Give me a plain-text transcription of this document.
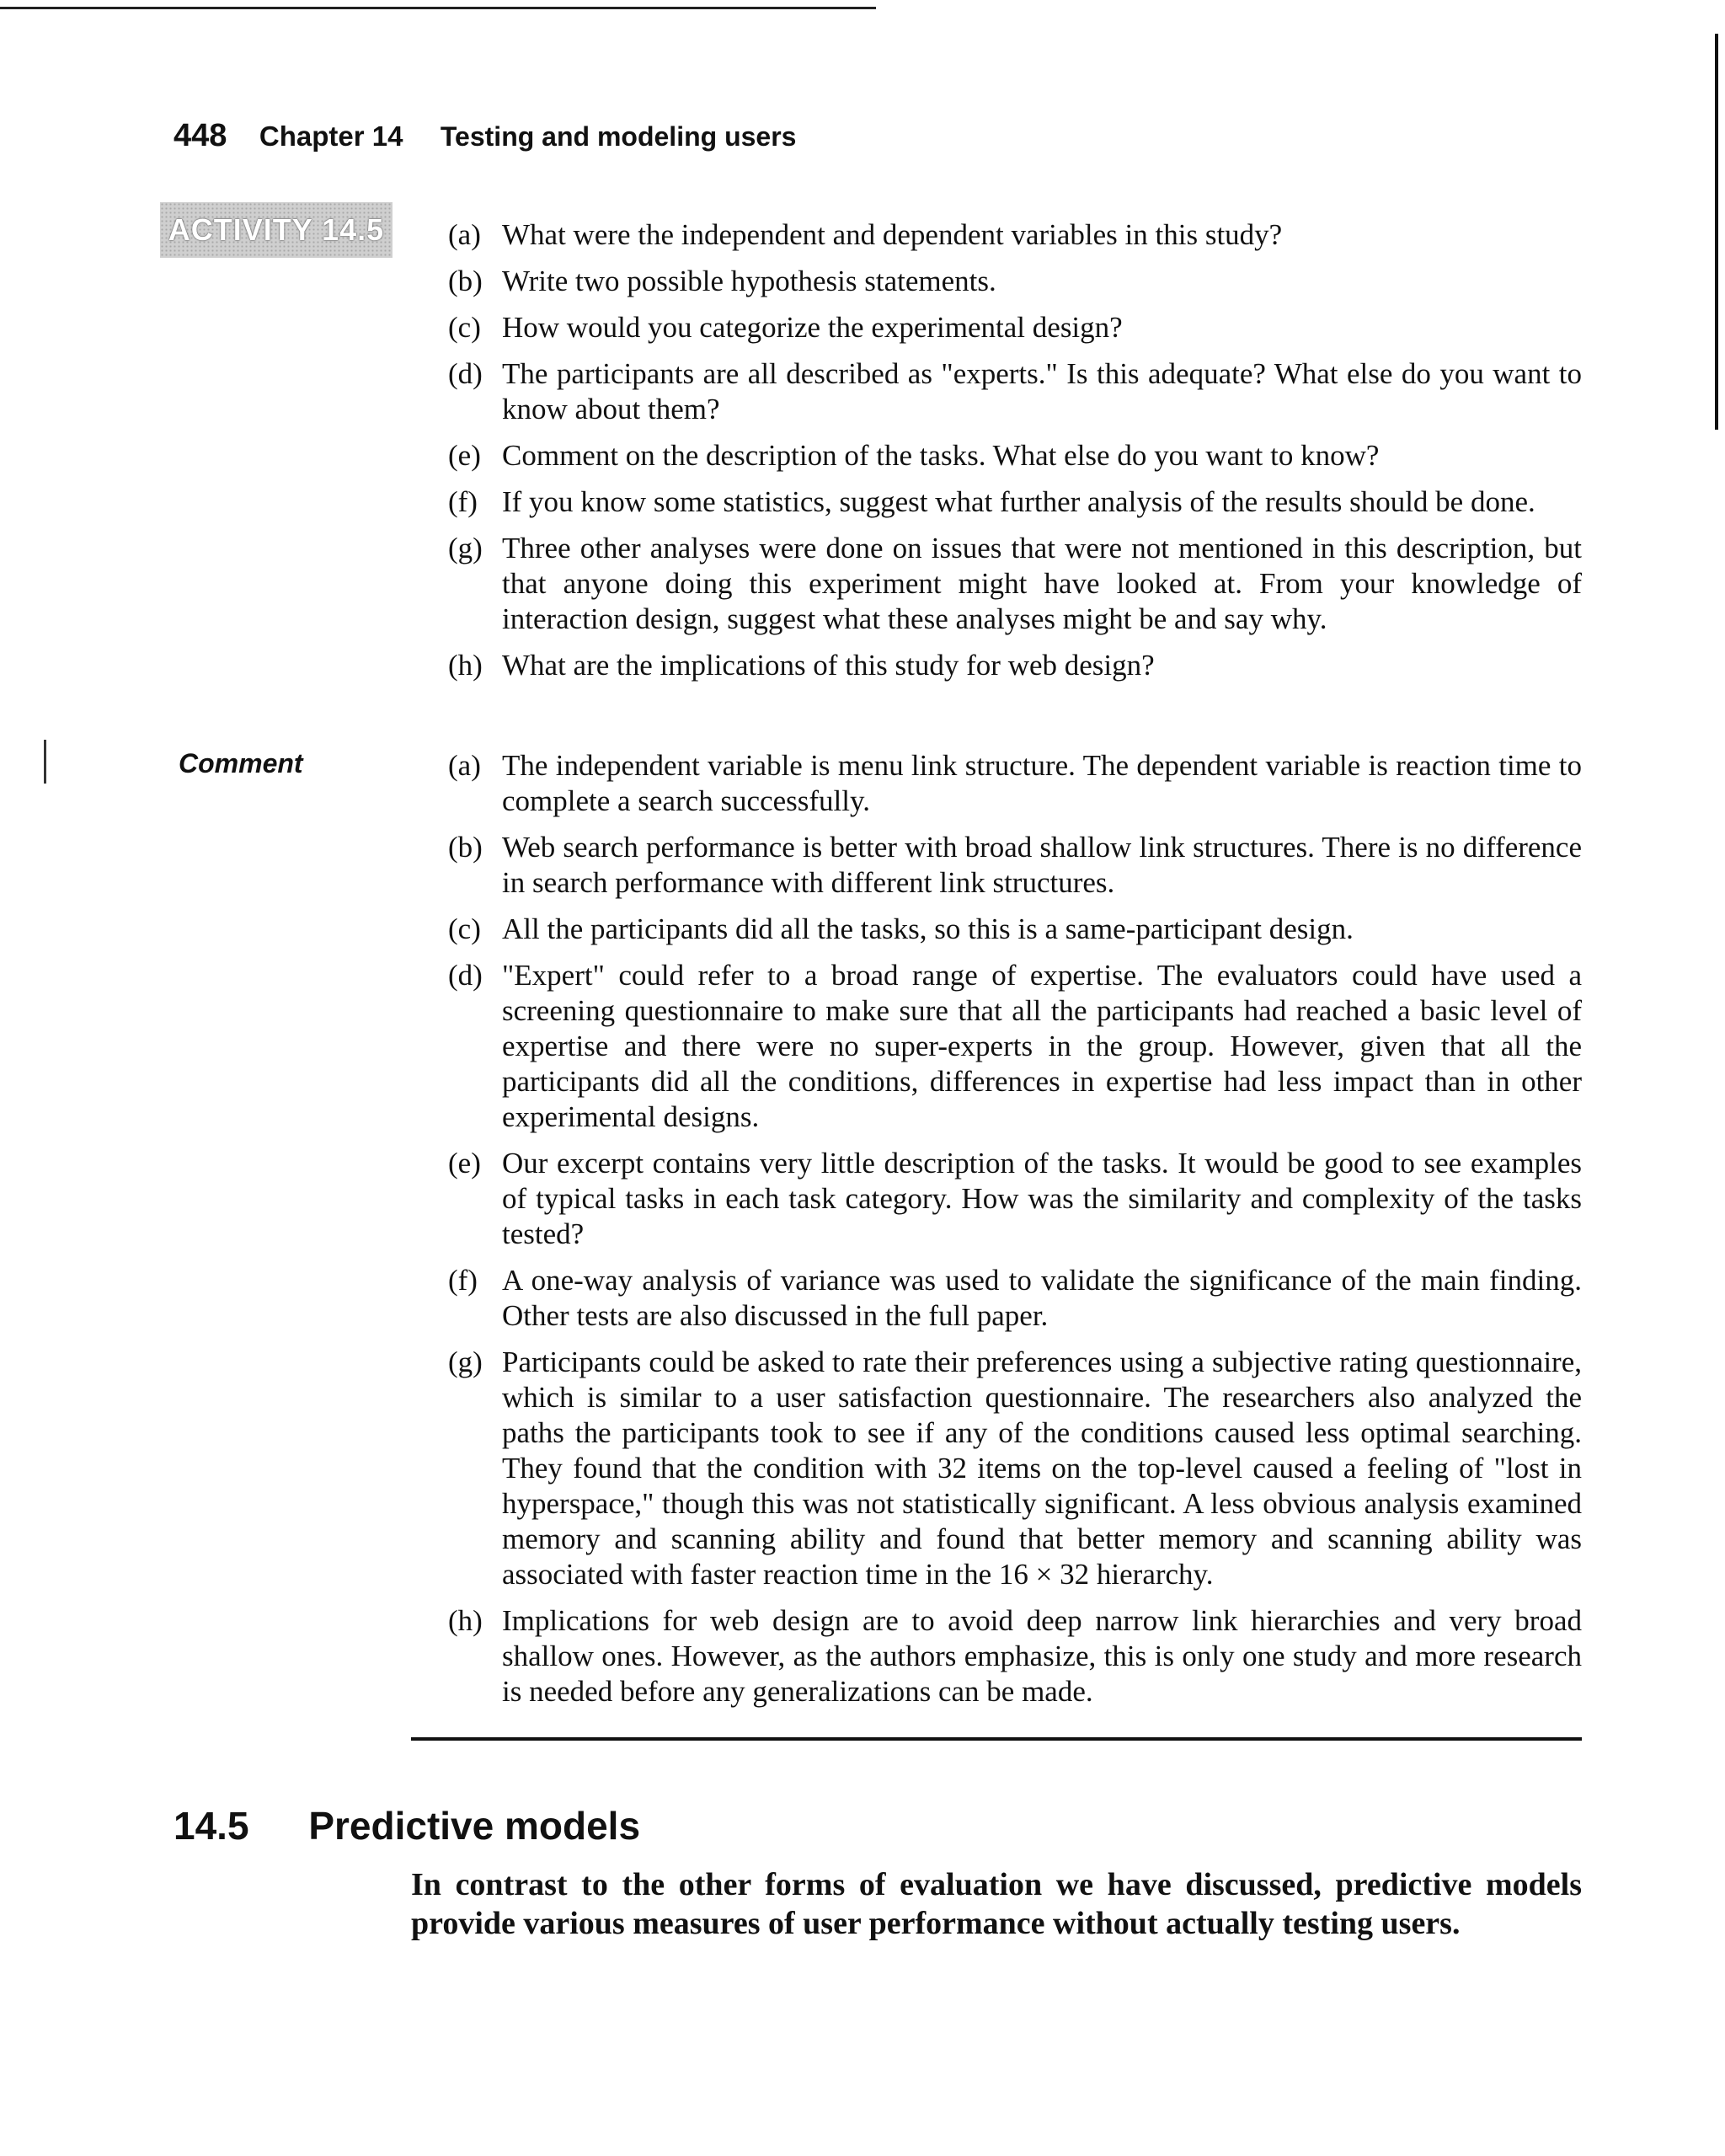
448 Chapter 14 Testing and modeling users
ACTIVITY 14.5 (a) What were the independent and dependent variables in this study?
(b) Write two possible hypothesis statements.
(c) How would you categorize the experimental design?
(d) The participants are all described as "experts." Is this adequate? What else do you want to know about them?
(e) Comment on the description of the tasks. What else do you want to know?
(f) If you know some statistics, suggest what further analysis of the results should be done.
(g) Three other analyses were done on issues that were not mentioned in this description, but that anyone doing this experiment might have looked at. From your knowledge of interaction design, suggest what these analyses might be and say why.
(h) What are the implications of this study for web design?
Comment	(a) The independent variable is menu link structure. The dependent variable is reaction time to complete a search successfully.
(b) Web search performance is better with broad shallow link structures. There is no difference in search performance with different link structures.
(c) All the participants did all the tasks, so this is a same-participant design.
(d) "Expert" could refer to a broad range of expertise. The evaluators could have used a screening questionnaire to make sure that all the participants had reached a basic level of expertise and there were no super-experts in the group. However, given that all the participants did all the conditions, differences in expertise had less impact than in other experimental designs.
(e) Our excerpt contains very little description of the tasks. It would be good to see examples of typical tasks in each task category. How was the similarity and complexity of the tasks tested?
(f) A one-way analysis of variance was used to validate the significance of the main finding. Other tests are also discussed in the full paper.
(g) Participants could be asked to rate their preferences using a subjective rating questionnaire, which is similar to a user satisfaction questionnaire. The researchers also analyzed the paths the participants took to see if any of the conditions caused less optimal searching. They found that the condition with 32 items on the top-level caused a feeling of "lost in hyperspace," though this was not statistically significant. A less obvious analysis examined memory and scanning ability and found that better memory and scanning ability was associated with faster reaction time in the 16 × 32 hierarchy.
(h) Implications for web design are to avoid deep narrow link hierarchies and very broad shallow ones. However, as the authors emphasize, this is only one study and more research is needed before any generalizations can be made.
14.5 Predictive models

In contrast to the other forms of evaluation we have discussed, predictive models provide various measures of user performance without actually testing users.
